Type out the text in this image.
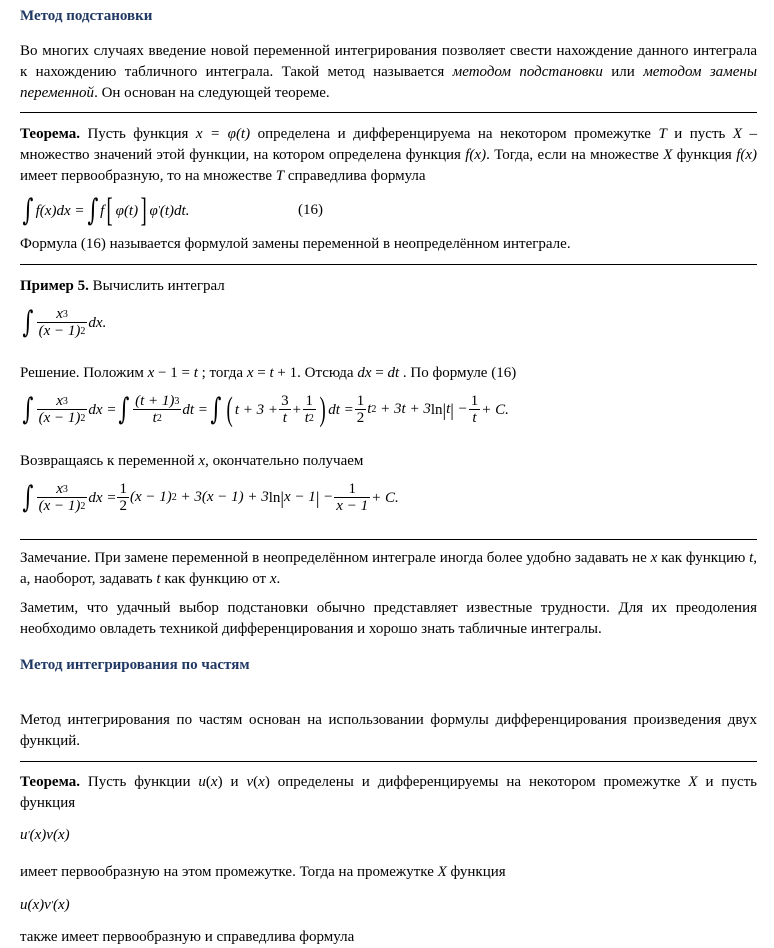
Метод подстановки

Во многих случаях введение новой переменной интегрирования позволяет свести нахождение данного интеграла к нахождению табличного интеграла. Такой метод называется методом подстановки или методом замены переменной. Он основан на следующей теореме.

Теорема. Пусть функция x = φ(t) определена и дифференцируема на некотором промежутке T и пусть X – множество значений этой функции, на котором определена функция f(x). Тогда, если на множестве X функция f(x) имеет первообразную, то на множестве T справедлива формула

∫ f(x)dx =∫ f[ φ(t)] φ'(t)dt.	(16)

Формула (16) называется формулой замены переменной в неопределённом интеграле.

Пример 5. Вычислить интеграл

∫ $\frac{x3}{(x - 1)2}$ dx.

Решение. Положим x − 1 = t ; тогда x = t + 1. Отсюда dx = dt . По формуле (16)

∫ $\frac{x3}{(x - 1)2}$ dx =∫ $\frac{(t + 1)3}{t2}$ dt =∫ ( $t + 3 + \frac{3}{t} + \frac{1}{t2}$ ) dt = $\frac{1}{2} t2 + 3t + 3\ln|t| - \frac{1}{t} + C$.

Возвращаясь к переменной x, окончательно получаем

∫ $\frac{x3}{(x - 1)2}$ dx = $\frac{1}{2} (x - 1)2 + 3(x - 1) + 3\ln|x - 1| - \frac{1}{x - 1} + C$.

Замечание. При замене переменной в неопределённом интеграле иногда более удобно задавать не x как функцию t, а, наоборот, задавать t как функцию от x.

Заметим, что удачный выбор подстановки обычно представляет известные трудности. Для их преодоления необходимо овладеть техникой дифференцирования и хорошо знать табличные интегралы.

Метод интегрирования по частям

Метод интегрирования по частям основан на использовании формулы дифференцирования произведения двух функций.

Теорема. Пусть функции u(x) и v(x) определены и дифференцируемы на некотором промежутке X и пусть функция

u'(x)v(x)

имеет первообразную на этом промежутке. Тогда на промежутке X функция

u(x)v'(x)

также имеет первообразную и справедлива формула
